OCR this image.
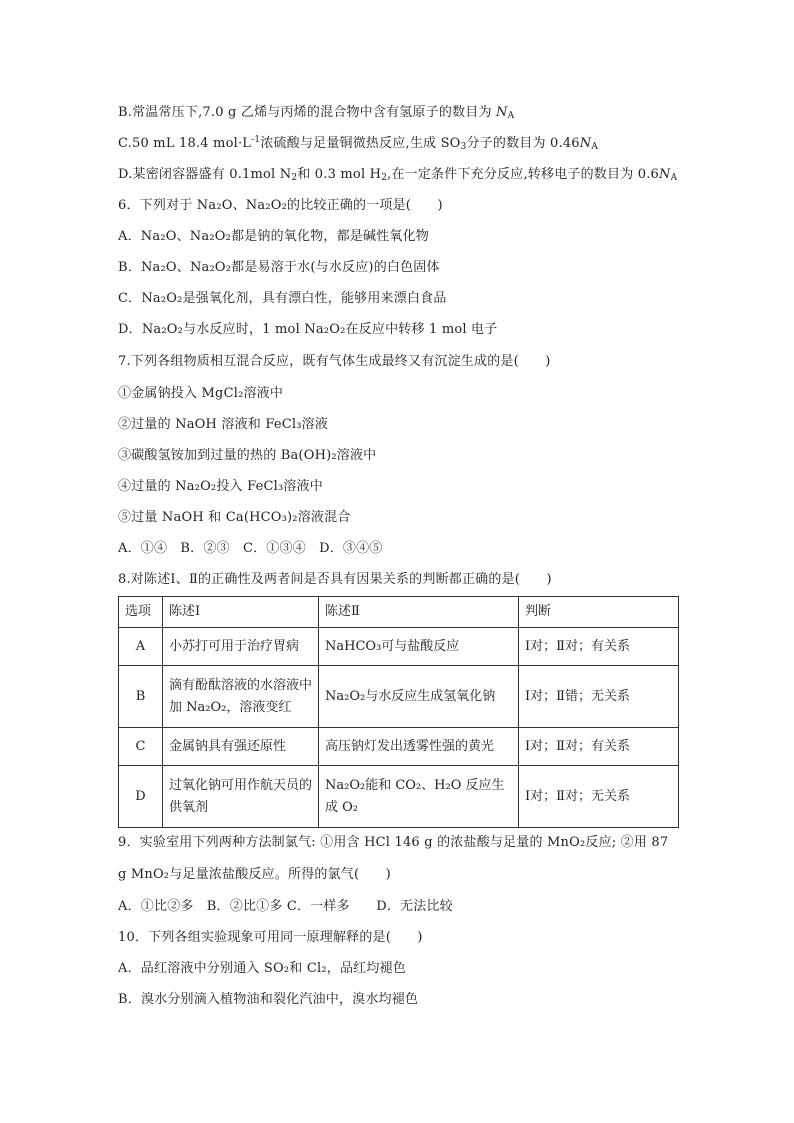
B.常温常压下,7.0 g 乙烯与丙烯的混合物中含有氢原子的数目为 $N_A$
C.50 mL 18.4 $mol\cdot L^{-1}$浓硫酸与足量铜微热反应,生成 $SO_3$分子的数目为 $0.46N_A$
D.某密闭容器盛有 0.1mol $N_2$和 0.3 mol $H_2$,在一定条件下充分反应,转移电子的数目为 $0.6N_A$
6．下列对于 Na₂O、Na₂O₂的比较正确的一项是(　　)
A．Na₂O、Na₂O₂都是钠的氧化物，都是碱性氧化物
B．Na₂O、Na₂O₂都是易溶于水(与水反应)的白色固体
C．Na₂O₂是强氧化剂，具有漂白性，能够用来漂白食品
D．Na₂O₂与水反应时，1 mol Na₂O₂在反应中转移 1 mol 电子
7.下列各组物质相互混合反应，既有气体生成最终又有沉淀生成的是(　　)
①金属钠投入 MgCl₂溶液中
②过量的 NaOH 溶液和 FeCl₃溶液
③碳酸氢铵加到过量的热的 Ba(OH)₂溶液中
④过量的 Na₂O₂投入 FeCl₃溶液中
⑤过量 NaOH 和 Ca(HCO₃)₂溶液混合
A．①④　B．②③　C．①③④　D．③④⑤
8.对陈述Ⅰ、Ⅱ的正确性及两者间是否具有因果关系的判断都正确的是(　　)
选项	陈述Ⅰ	陈述Ⅱ	判断
A	小苏打可用于治疗胃病	NaHCO₃可与盐酸反应	Ⅰ对；Ⅱ对；有关系
B	滴有酚酞溶液的水溶液中加 Na₂O₂，溶液变红	Na₂O₂与水反应生成氢氧化钠	Ⅰ对；Ⅱ错；无关系
C	金属钠具有强还原性	高压钠灯发出透雾性强的黄光	Ⅰ对；Ⅱ对；有关系
D	过氧化钠可用作航天员的供氧剂	Na₂O₂能和 CO₂、H₂O 反应生成 O₂	Ⅰ对；Ⅱ对；无关系
9．实验室用下列两种方法制氯气: ①用含 HCl 146 g 的浓盐酸与足量的 MnO₂反应; ②用 87
g MnO₂与足量浓盐酸反应。所得的氯气(　　)
A．①比②多　B．②比①多 C．一样多　　D．无法比较
10．下列各组实验现象可用同一原理解释的是(　　)
A．品红溶液中分别通入 SO₂和 Cl₂，品红均褪色
B．溴水分别滴入植物油和裂化汽油中，溴水均褪色
